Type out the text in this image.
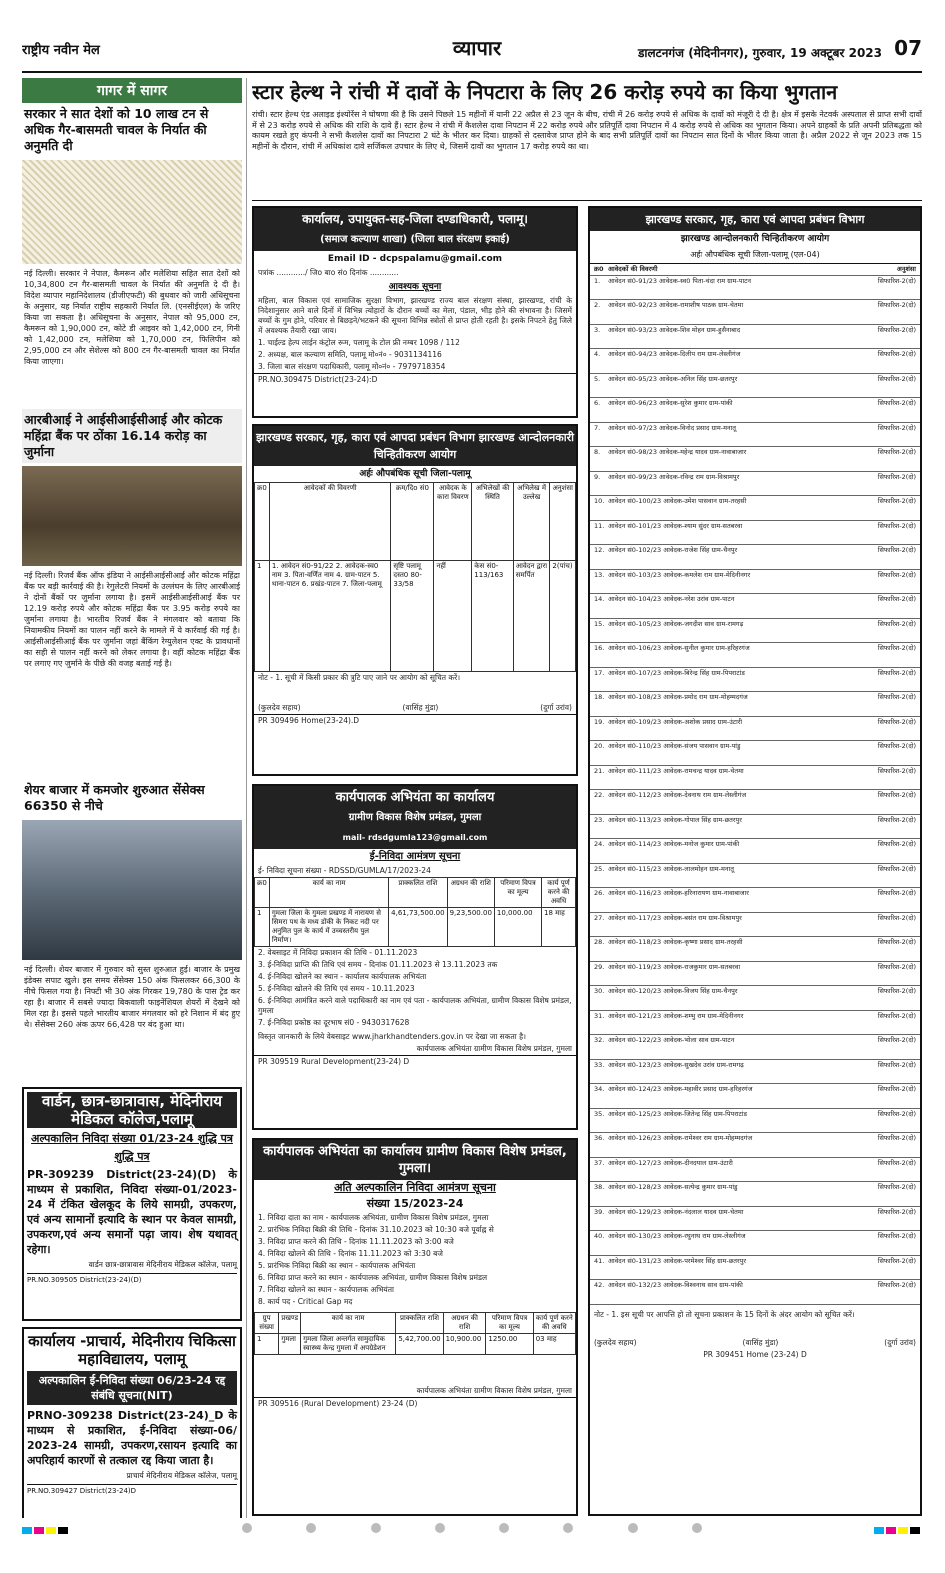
राष्ट्रीय नवीन मेल	व्यापार	डालटनगंज (मेदिनीनगर), गुरुवार, 19 अक्टूबर 2023 07
गागर में सागर
सरकार ने सात देशों को 10 लाख टन से अधिक गैर-बासमती चावल के निर्यात की अनुमति दी
नई दिल्ली। सरकार ने नेपाल, कैमरून और मलेशिया सहित सात देशों को 10,34,800 टन गैर-बासमती चावल के निर्यात की अनुमति दे दी है। विदेश व्यापार महानिदेशालय (डीजीएफटी) की बुधवार को जारी अधिसूचना के अनुसार, यह निर्यात राष्ट्रीय सहकारी निर्यात लि. (एनसीईएल) के जरिए किया जा सकता है। अधिसूचना के अनुसार, नेपाल को 95,000 टन, कैमरून को 1,90,000 टन, कोटे डी आइवर को 1,42,000 टन, गिनी को 1,42,000 टन, मलेशिया को 1,70,000 टन, फिलिपीन को 2,95,000 टन और सेशेल्स को 800 टन गैर-बासमती चावल का निर्यात किया जाएगा।
आरबीआई ने आईसीआईसीआई और कोटक महिंद्रा बैंक पर ठोंका 16.14 करोड़ का जुर्माना
नई दिल्ली। रिजर्व बैंक ऑफ इंडिया ने आईसीआईसीआई और कोटक महिंद्रा बैंक पर बड़ी कार्रवाई की है। रेगुलेटरी नियमों के उल्लंघन के लिए आरबीआई ने दोनों बैंकों पर जुर्माना लगाया है। इसमें आईसीआईसीआई बैंक पर 12.19 करोड़ रुपये और कोटक महिंद्रा बैंक पर 3.95 करोड़ रुपये का जुर्माना लगाया है। भारतीय रिजर्व बैंक ने मंगलवार को बताया कि नियामकीय नियमों का पालन नहीं करने के मामले में ये कार्रवाई की गई है। आईसीआईसीआई बैंक पर जुर्माना जहां बैंकिंग रेग्युलेशन एक्ट के प्रावधानों का सही से पालन नहीं करने को लेकर लगाया है। वहीं कोटक महिंद्रा बैंक पर लगाए गए जुर्माने के पीछे की वजह बताई गई है।
शेयर बाजार में कमजोर शुरुआत सेंसेक्स 66350 से नीचे
नई दिल्ली। शेयर बाजार में गुरुवार को सुस्त शुरुआत हुई। बाजार के प्रमुख इंडेक्स सपाट खुले। इस समय सेंसेक्स 150 अंक फिसलकर 66,300 के नीचे फिसल गया है। निफ्टी भी 30 अंक गिरकर 19,780 के पास ट्रेड कर रहा है। बाजार में सबसे ज्यादा बिकवाली फाइनेंशियल शेयरों में देखने को मिल रहा है। इससे पहले भारतीय बाजार मंगलवार को हरे निशान में बंद हुए थे। सेंसेक्स 260 अंक ऊपर 66,428 पर बंद हुआ था।
वार्डन, छात्र-छात्रावास, मेदिनीराय मेडिकल कॉलेज,पलामू
अल्पकालिन निविदा संख्या 01/23-24 शुद्धि पत्र
शुद्धि पत्र
PR-309239 District(23-24)(D) के माध्यम से प्रकाशित, निविदा संख्या-01/2023-24 में टंकित खेलकूद के लिये सामग्री, उपकरण, एवं अन्य सामानों इत्यादि के स्थान पर केवल सामग्री, उपकरण,एवं अन्य समानों पढ़ा जाय। शेष यथावत् रहेगा।
वार्डन छात्र-छात्रावास मेदिनीराय मेडिकल कॉलेज, पलामू
PR.NO.309505 District(23-24)(D)
कार्यालय -प्राचार्य, मेदिनीराय चिकित्सा महाविद्यालय, पलामू
अल्पकालिन ई-निविदा संख्या 06/23-24 रद्द संबंधि सूचना(NIT)
PRNO-309238 District(23-24)_D के माध्यम से प्रकाशित, ई-निविदा संख्या-06/ 2023-24 सामग्री, उपकरण,रसायन इत्यादि का अपरिहार्य कारणों से तत्काल रद्द किया जाता है।
प्राचार्य मेदिनीराय मेडिकल कॉलेज, पलामू
PR.NO.309427 District(23-24)D
स्टार हेल्थ ने रांची में दावों के निपटारा के लिए 26 करोड़ रुपये का किया भुगतान
रांची। स्टार हेल्थ एंड अलाइड इंश्योरेंस ने घोषणा की है कि उसने पिछले 15 महीनों में यानी 22 अप्रैल से 23 जून के बीच, रांची में 26 करोड़ रुपये से अधिक के दावों को मंजूरी दे दी है। क्षेत्र में इसके नेटवर्क अस्पताल से प्राप्त सभी दावों में से 23 करोड़ रुपये से अधिक की राशि के दावे हैं। स्टार हेल्थ ने रांची में कैशलेस दावा निपटान में 22 करोड़ रुपये और प्रतिपूर्ति दावा निपटान में 4 करोड़ रुपये से अधिक का भुगतान किया। अपने ग्राहकों के प्रति अपनी प्रतिबद्धता को कायम रखते हुए कंपनी ने सभी कैशलेस दावों का निपटारा 2 घंटे के भीतर कर दिया। ग्राहकों से दस्तावेज प्राप्त होने के बाद सभी प्रतिपूर्ति दावों का निपटान सात दिनों के भीतर किया जाता है। अप्रैल 2022 से जून 2023 तक 15 महीनों के दौरान, रांची में अधिकांश दावे सर्जिकल उपचार के लिए थे, जिसमें दावों का भुगतान 17 करोड़ रुपये का था।
कार्यालय, उपायुक्त-सह-जिला दण्डाधिकारी, पलामू।
(समाज कल्याण शाखा) (जिला बाल संरक्षण इकाई)
Email ID - dcpspalamu@gmail.com
पत्रांक ............/ जिo बाo संo दिनांक ............
आवश्यक सूचना
महिला, बाल विकास एवं सामाजिक सुरक्षा विभाग, झारखण्ड राज्य बाल संरक्षण संस्था, झारखण्ड, रांची के निदेशानुसार आने वाले दिनों में विभिन्न त्योहारों के दौरान बच्चों का मेला, पंडाल, भीड़ होने की संभावना है। जिसमें बच्चों के गुम होने, परिवार से बिछड़ने/भटकने की सूचना विभिन्न स्त्रोतों से प्राप्त होती रहती है। इसके निपटने हेतु जिले में अवश्यक तैयारी रखा जाय।
1. चाईल्ड हेल्प लाईन कंट्रोल रूम, पलामू के टोल फ्री नम्बर 1098 / 112
2. अध्यक्ष, बाल कल्याण समिति, पलामू मो०नं० - 9031134116
3. जिला बाल संरक्षण पदाधिकारी, पलामू मो०नं० - 7979718354
PR.NO.309475 District(23-24):D
झारखण्ड सरकार, गृह, कारा एवं आपदा प्रबंधन विभाग झारखण्ड आन्दोलनकारी चिन्हितीकरण आयोग
अर्हः औपबंधिक सूची जिला-पलामू
क्र0	आवेदकों की विवरणी	क्रम/दिo सं0	आवेदक के कारा विवरण	अभिलेखों की स्थिति	अभिलेख में उल्लेख	अनुशंसा
1	1. आवेदन सं0-91/22 2. आवेदक-स्व0 नाम 3. पिता-वर्णित नाम 4. ग्राम-पाटन 5. थाना-पाटन 6. प्रखंड-पाटन 7. जिला-पलामू	सृष्टि पलामू दस्त0 80-33/58	नहीं	केस सं0-113/163	आवेदन द्वारा समर्पित	2(पांच)
नोट - 1. सूची में किसी प्रकार की त्रुटि पाए जाने पर आयोग को सूचित करें।
(कुलदेव सहाय)	(वासिंह मुंडा)	(दुर्गा उरांव)
PR 309496 Home(23-24).D
कार्यपालक अभियंता का कार्यालय
ग्रामीण विकास विशेष प्रमंडल, गुमला
mail- rdsdgumla123@gmail.com
ई-निविदा आमंत्रण सूचना
ई- निविदा सूचना संख्या - RDSSD/GUMLA/17/2023-24
क्र0	कार्य का नाम	प्राक्कलित राशि	अग्रधन की राशि	परिमाण विपत्र का मूल्य	कार्य पूर्ण करने की अवधि
1	गुमला जिला के गुमला प्रखण्ड में नारायण से सिमरा पथ के मध्य डोंकी के निकट नदी पर अनुमित पुल के कार्य में उच्चस्तरीय पुल निर्माण।	4,61,73,500.00	9,23,500.00	10,000.00	18 माह
2. वेबसाइट में निविदा प्रकाशन की तिथि - 01.11.2023
3. ई-निविदा प्राप्ति की तिथि एवं समय - दिनांक 01.11.2023 से 13.11.2023 तक
4. ई-निविदा खोलने का स्थान - कार्यालय कार्यपालक अभियंता
5. ई-निविदा खोलने की तिथि एवं समय - 10.11.2023
6. ई-निविदा आमंत्रित करने वाले पदाधिकारी का नाम एवं पता - कार्यपालक अभियंता, ग्रामीण विकास विशेष प्रमंडल, गुमला
7. ई-निविदा प्रकोष्ठ का दूरभाष सं0 - 9430317628
विस्तृत जानकारी के लिये वेबसाइट www.jharkhandtenders.gov.in पर देखा जा सकता है।
कार्यपालक अभियंता ग्रामीण विकास विशेष प्रमंडल, गुमला
PR 309519 Rural Development(23-24) D
कार्यपालक अभियंता का कार्यालय ग्रामीण विकास विशेष प्रमंडल, गुमला।
अति अल्पकालिन निविदा आमंत्रण सूचना
संख्या 15/2023-24
1. निविदा दाता का नाम - कार्यपालक अभियंता, ग्रामीण विकास विशेष प्रमंडल, गुमला
2. प्रारंभिक निविदा बिक्री की तिथि - दिनांक 31.10.2023 को 10:30 बजे पूर्वाह्न से
3. निविदा प्राप्त करने की तिथि - दिनांक 11.11.2023 को 3:00 बजे
4. निविदा खोलने की तिथि - दिनांक 11.11.2023 को 3:30 बजे
5. प्रारंभिक निविदा बिक्री का स्थान - कार्यपालक अभियंता
6. निविदा प्राप्त करने का स्थान - कार्यपालक अभियंता, ग्रामीण विकास विशेष प्रमंडल
7. निविदा खोलने का स्थान - कार्यपालक अभियंता
8. कार्य पद - Critical Gap मद
ग्रुप संख्या	प्रखण्ड	कार्य का नाम	प्राक्कलित राशि	अग्रधन की राशि	परिमाण विपत्र का मूल्य	कार्य पूर्ण करने की अवधि
1	गुमला	गुमला जिला अन्तर्गत सामुदायिक स्वास्थ्य केन्द्र गुमला में अपग्रेडेशन	5,42,700.00	10,900.00	1250.00	03 माह
कार्यपालक अभियंता ग्रामीण विकास विशेष प्रमंडल, गुमला
PR 309516 (Rural Development) 23-24 (D)
झारखण्ड सरकार, गृह, कारा एवं आपदा प्रबंधन विभाग
झारखण्ड आन्दोलनकारी चिन्हितीकरण आयोग
अर्हः औपबंधिक सूची जिला-पलामू (एल-04)
क्र0 आवेदकों की विवरणी	अनुशंसा
1.	आवेदन सं0-91/23 आवेदक-स्व0 पिता-चंदा राम ग्राम-पाटन	सिफारिश-2(दो)
2.	आवेदन सं0-92/23 आवेदक-रामाशीष पाठक ग्राम-चेतमा	सिफारिश-2(दो)
3.	आवेदन सं0-93/23 आवेदक-शिव मोहन ग्राम-हुसैनाबाद	सिफारिश-2(दो)
4.	आवेदन सं0-94/23 आवेदक-दिलीप राम ग्राम-लेस्लीगंज	सिफारिश-2(दो)
5.	आवेदन सं0-95/23 आवेदक-अनिल सिंह ग्राम-छतरपुर	सिफारिश-2(दो)
6.	आवेदन सं0-96/23 आवेदक-सुरेश कुमार ग्राम-पांकी	सिफारिश-2(दो)
7.	आवेदन सं0-97/23 आवेदक-विनोद प्रसाद ग्राम-मनातू	सिफारिश-2(दो)
8.	आवेदन सं0-98/23 आवेदक-महेन्द्र यादव ग्राम-नावाबाजार	सिफारिश-2(दो)
9.	आवेदन सं0-99/23 आवेदक-रविन्द्र राम ग्राम-विश्रामपुर	सिफारिश-2(दो)
10. आवेदन सं0-100/23 आवेदक-उमेश पासवान ग्राम-तरहसी	सिफारिश-2(दो)
11. आवेदन सं0-101/23 आवेदक-श्याम सुंदर ग्राम-सतबरवा	सिफारिश-2(दो)
12. आवेदन सं0-102/23 आवेदक-राजेश सिंह ग्राम-चैनपुर	सिफारिश-2(दो)
13. आवेदन सं0-103/23 आवेदक-कमलेश राम ग्राम-मेदिनीनगर	सिफारिश-2(दो)
14. आवेदन सं0-104/23 आवेदक-नरेश उरांव ग्राम-पाटन	सिफारिश-2(दो)
15. आवेदन सं0-105/23 आवेदक-जगदीश साव ग्राम-रामगढ़	सिफारिश-2(दो)
16. आवेदन सं0-106/23 आवेदक-सुनील कुमार ग्राम-हरिहरगंज	सिफारिश-2(दो)
17. आवेदन सं0-107/23 आवेदक-बिरेन्द्र सिंह ग्राम-पिपराटांड	सिफारिश-2(दो)
18. आवेदन सं0-108/23 आवेदक-प्रमोद राम ग्राम-मोहम्मदगंज	सिफारिश-2(दो)
19. आवेदन सं0-109/23 आवेदक-अशोक प्रसाद ग्राम-उंटारी	सिफारिश-2(दो)
20. आवेदन सं0-110/23 आवेदक-संजय पासवान ग्राम-पांडु	सिफारिश-2(दो)
21. आवेदन सं0-111/23 आवेदक-रामचन्द्र यादव ग्राम-चेतमा	सिफारिश-2(दो)
22. आवेदन सं0-112/23 आवेदक-देवनाथ राम ग्राम-लेस्लीगंज	सिफारिश-2(दो)
23. आवेदन सं0-113/23 आवेदक-गोपाल सिंह ग्राम-छतरपुर	सिफारिश-2(दो)
24. आवेदन सं0-114/23 आवेदक-मनोज कुमार ग्राम-पांकी	सिफारिश-2(दो)
25. आवेदन सं0-115/23 आवेदक-लालमोहन ग्राम-मनातू	सिफारिश-2(दो)
26. आवेदन सं0-116/23 आवेदक-हरिनारायण ग्राम-नावाबाजार	सिफारिश-2(दो)
27. आवेदन सं0-117/23 आवेदक-बसंत राम ग्राम-विश्रामपुर	सिफारिश-2(दो)
28. आवेदन सं0-118/23 आवेदक-कृष्णा प्रसाद ग्राम-तरहसी	सिफारिश-2(दो)
29. आवेदन सं0-119/23 आवेदक-राजकुमार ग्राम-सतबरवा	सिफारिश-2(दो)
30. आवेदन सं0-120/23 आवेदक-विजय सिंह ग्राम-चैनपुर	सिफारिश-2(दो)
31. आवेदन सं0-121/23 आवेदक-शम्भु राम ग्राम-मेदिनीनगर	सिफारिश-2(दो)
32. आवेदन सं0-122/23 आवेदक-भोला साव ग्राम-पाटन	सिफारिश-2(दो)
33. आवेदन सं0-123/23 आवेदक-सुखदेव उरांव ग्राम-रामगढ़	सिफारिश-2(दो)
34. आवेदन सं0-124/23 आवेदक-महावीर प्रसाद ग्राम-हरिहरगंज	सिफारिश-2(दो)
35. आवेदन सं0-125/23 आवेदक-जितेन्द्र सिंह ग्राम-पिपराटांड	सिफारिश-2(दो)
36. आवेदन सं0-126/23 आवेदक-रामेश्वर राम ग्राम-मोहम्मदगंज	सिफारिश-2(दो)
37. आवेदन सं0-127/23 आवेदक-दीनदयाल ग्राम-उंटारी	सिफारिश-2(दो)
38. आवेदन सं0-128/23 आवेदक-सत्येन्द्र कुमार ग्राम-पांडु	सिफारिश-2(दो)
39. आवेदन सं0-129/23 आवेदक-नंदलाल यादव ग्राम-चेतमा	सिफारिश-2(दो)
40. आवेदन सं0-130/23 आवेदक-रघुनाथ राम ग्राम-लेस्लीगंज	सिफारिश-2(दो)
41. आवेदन सं0-131/23 आवेदक-परमेश्वर सिंह ग्राम-छतरपुर	सिफारिश-2(दो)
42. आवेदन सं0-132/23 आवेदक-विश्वनाथ साव ग्राम-पांकी	सिफारिश-2(दो)
नोट - 1. इस सूची पर आपत्ति हो तो सूचना प्रकाशन के 15 दिनों के अंदर आयोग को सूचित करें।
(कुलदेव सहाय)	(वासिंह मुंडा)	(दुर्गा उरांव)
PR 309451 Home (23-24) D
